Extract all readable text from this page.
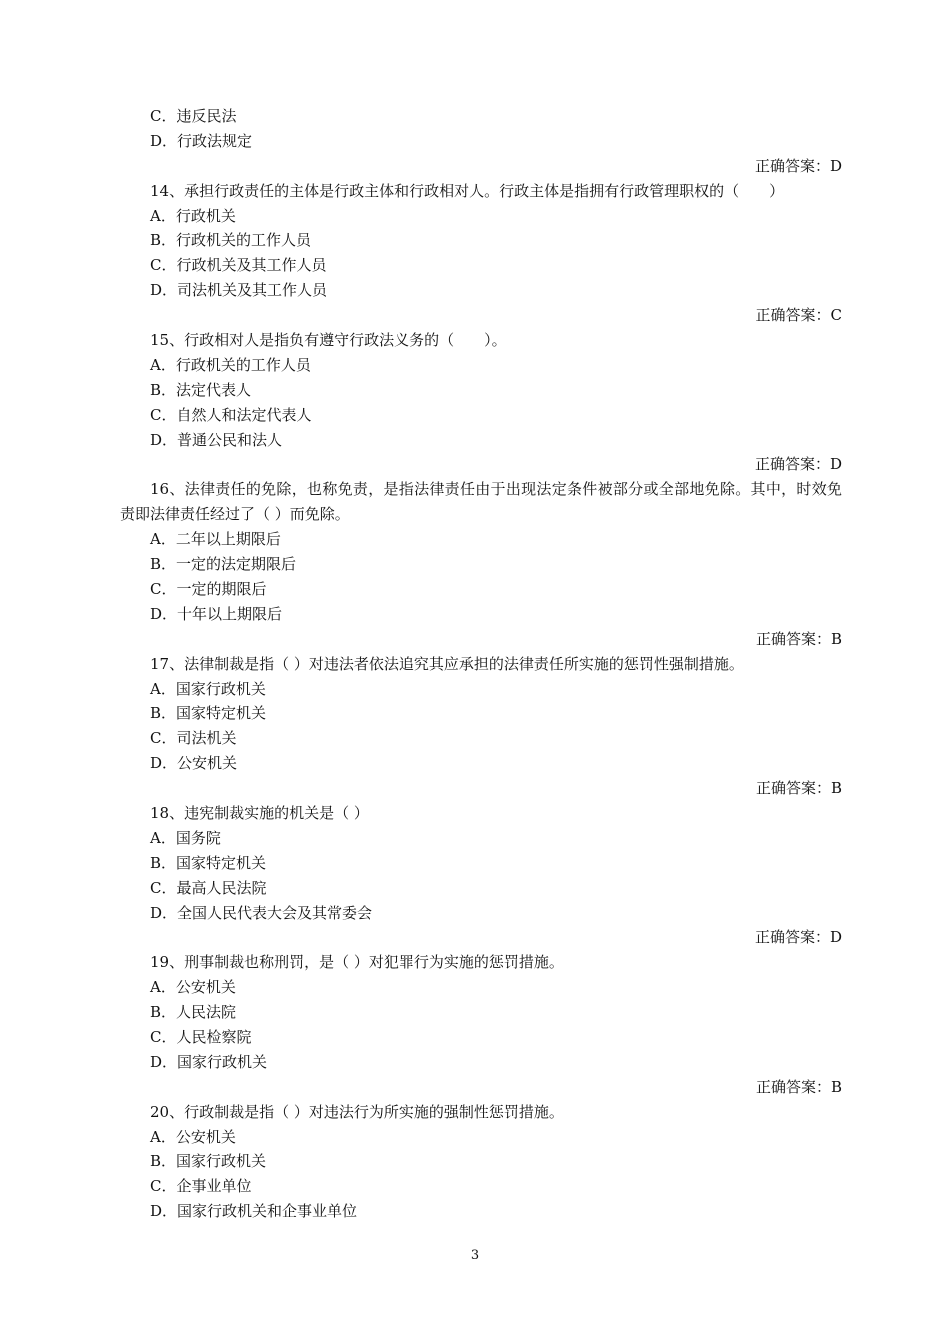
C．违反民法
D．行政法规定
正确答案：D
14、承担行政责任的主体是行政主体和行政相对人。行政主体是指拥有行政管理职权的（　　）
A．行政机关
B．行政机关的工作人员
C．行政机关及其工作人员
D．司法机关及其工作人员
正确答案：C
15、行政相对人是指负有遵守行政法义务的（　　）。
A．行政机关的工作人员
B．法定代表人
C．自然人和法定代表人
D．普通公民和法人
正确答案：D
16、法律责任的免除，也称免责，是指法律责任由于出现法定条件被部分或全部地免除。其中，时效免责即法律责任经过了（ ）而免除。
A．二年以上期限后
B．一定的法定期限后
C．一定的期限后
D．十年以上期限后
正确答案：B
17、法律制裁是指（ ）对违法者依法追究其应承担的法律责任所实施的惩罚性强制措施。
A．国家行政机关
B．国家特定机关
C．司法机关
D．公安机关
正确答案：B
18、违宪制裁实施的机关是（ ）
A．国务院
B．国家特定机关
C．最高人民法院
D．全国人民代表大会及其常委会
正确答案：D
19、刑事制裁也称刑罚，是（ ）对犯罪行为实施的惩罚措施。
A．公安机关
B．人民法院
C．人民检察院
D．国家行政机关
正确答案：B
20、行政制裁是指（ ）对违法行为所实施的强制性惩罚措施。
A．公安机关
B．国家行政机关
C．企事业单位
D．国家行政机关和企事业单位
3
